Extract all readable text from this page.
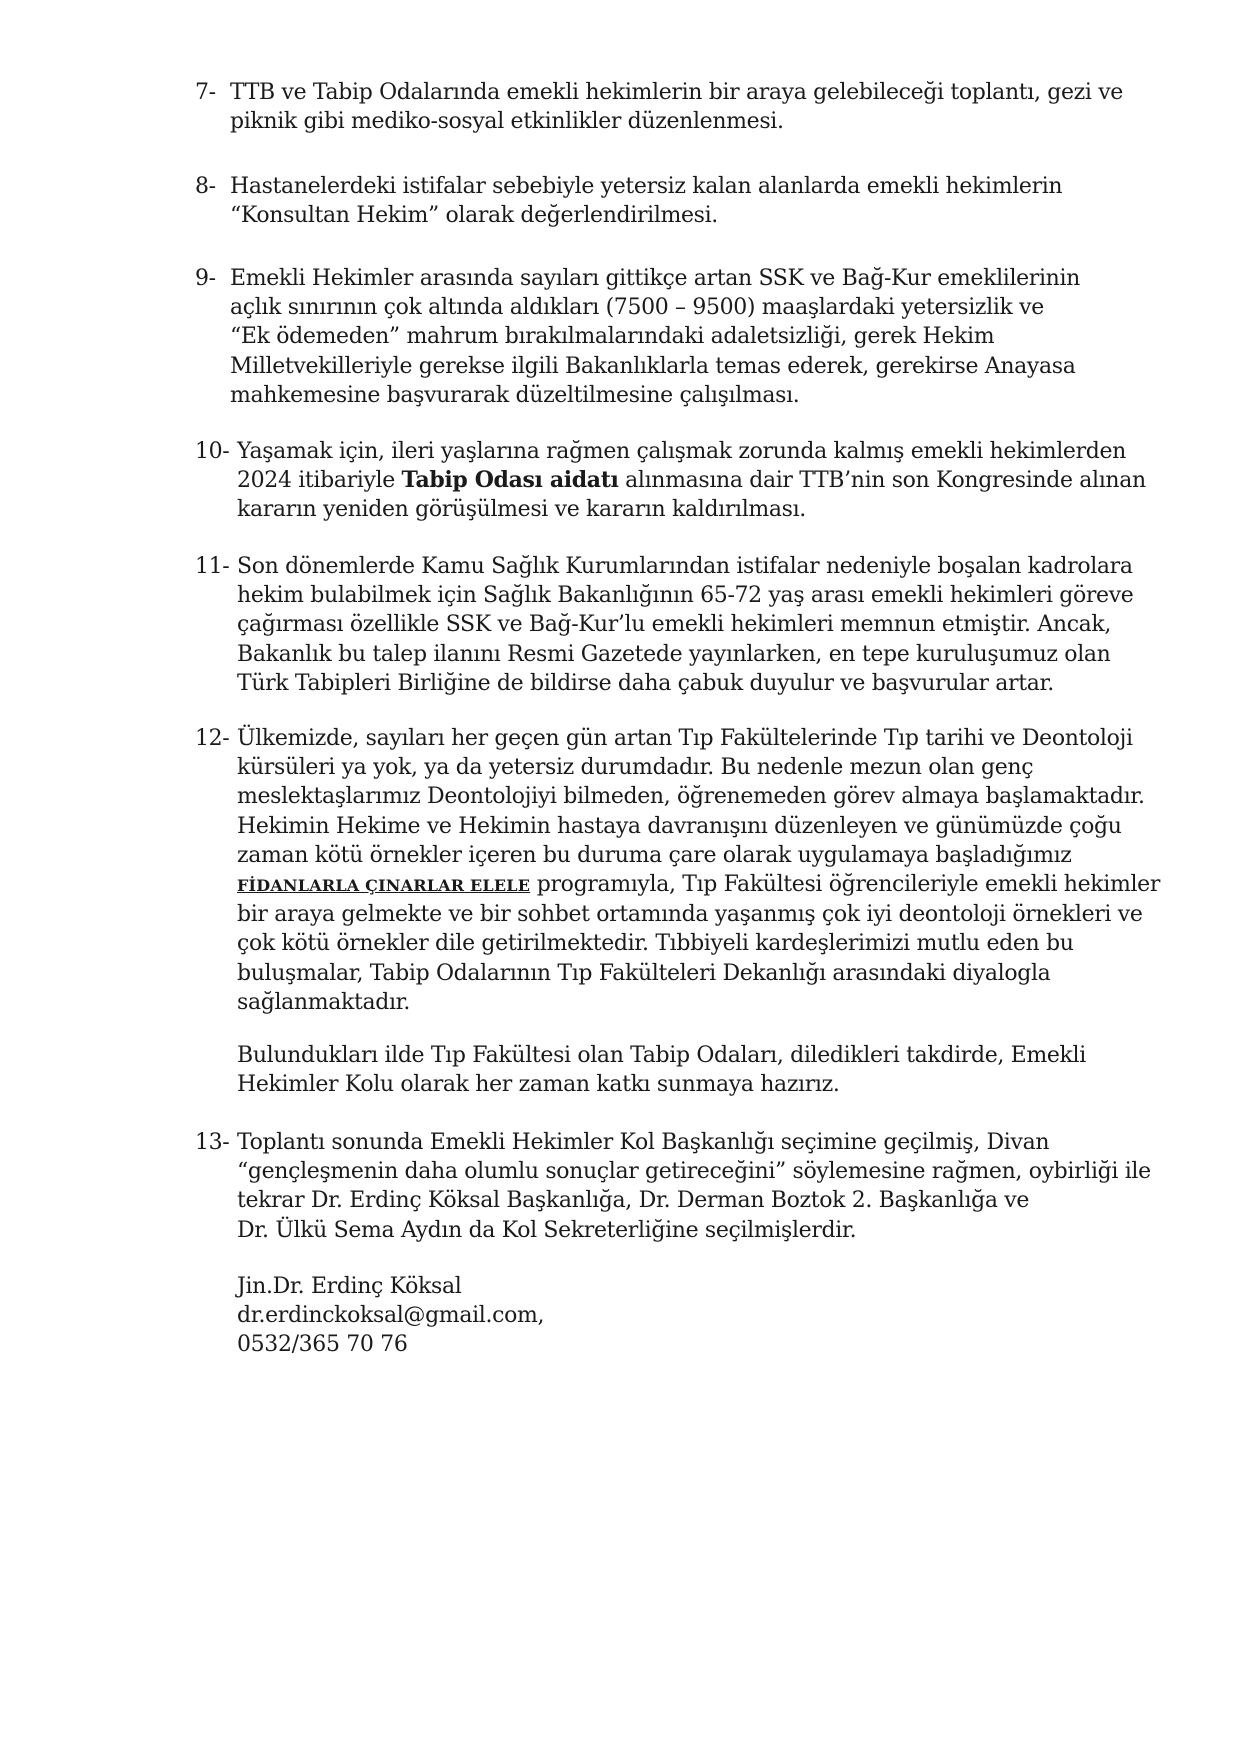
7- TTB ve Tabip Odalarında emekli hekimlerin bir araya gelebileceği toplantı, gezi ve
piknik gibi mediko-sosyal etkinlikler düzenlenmesi.
8- Hastanelerdeki istifalar sebebiyle yetersiz kalan alanlarda emekli hekimlerin
“Konsultan Hekim” olarak değerlendirilmesi.
9- Emekli Hekimler arasında sayıları gittikçe artan SSK ve Bağ-Kur emeklilerinin
açlık sınırının çok altında aldıkları (7500 – 9500) maaşlardaki yetersizlik ve
“Ek ödemeden” mahrum bırakılmalarındaki adaletsizliği, gerek Hekim
Milletvekilleriyle gerekse ilgili Bakanlıklarla temas ederek, gerekirse Anayasa
mahkemesine başvurarak düzeltilmesine çalışılması.
10- Yaşamak için, ileri yaşlarına rağmen çalışmak zorunda kalmış emekli hekimlerden
2024 itibariyle Tabip Odası aidatı alınmasına dair TTB’nin son Kongresinde alınan
kararın yeniden görüşülmesi ve kararın kaldırılması.
11- Son dönemlerde Kamu Sağlık Kurumlarından istifalar nedeniyle boşalan kadrolara
hekim bulabilmek için Sağlık Bakanlığının 65-72 yaş arası emekli hekimleri göreve
çağırması özellikle SSK ve Bağ-Kur’lu emekli hekimleri memnun etmiştir. Ancak,
Bakanlık bu talep ilanını Resmi Gazetede yayınlarken, en tepe kuruluşumuz olan
Türk Tabipleri Birliğine de bildirse daha çabuk duyulur ve başvurular artar.
12- Ülkemizde, sayıları her geçen gün artan Tıp Fakültelerinde Tıp tarihi ve Deontoloji
kürsüleri ya yok, ya da yetersiz durumdadır. Bu nedenle mezun olan genç
meslektaşlarımız Deontolojiyi bilmeden, öğrenemeden görev almaya başlamaktadır.
Hekimin Hekime ve Hekimin hastaya davranışını düzenleyen ve günümüzde çoğu
zaman kötü örnekler içeren bu duruma çare olarak uygulamaya başladığımız
FİDANLARLA ÇINARLAR ELELE programıyla, Tıp Fakültesi öğrencileriyle emekli hekimler
bir araya gelmekte ve bir sohbet ortamında yaşanmış çok iyi deontoloji örnekleri ve
çok kötü örnekler dile getirilmektedir. Tıbbiyeli kardeşlerimizi mutlu eden bu
buluşmalar, Tabip Odalarının Tıp Fakülteleri Dekanlığı arasındaki diyalogla
sağlanmaktadır.
Bulundukları ilde Tıp Fakültesi olan Tabip Odaları, diledikleri takdirde, Emekli
Hekimler Kolu olarak her zaman katkı sunmaya hazırız.
13- Toplantı sonunda Emekli Hekimler Kol Başkanlığı seçimine geçilmiş, Divan
“gençleşmenin daha olumlu sonuçlar getireceğini” söylemesine rağmen, oybirliği ile
tekrar Dr. Erdinç Köksal Başkanlığa, Dr. Derman Boztok 2. Başkanlığa ve
Dr. Ülkü Sema Aydın da Kol Sekreterliğine seçilmişlerdir.
Jin.Dr. Erdinç Köksal
dr.erdinckoksal@gmail.com,
0532/365 70 76
